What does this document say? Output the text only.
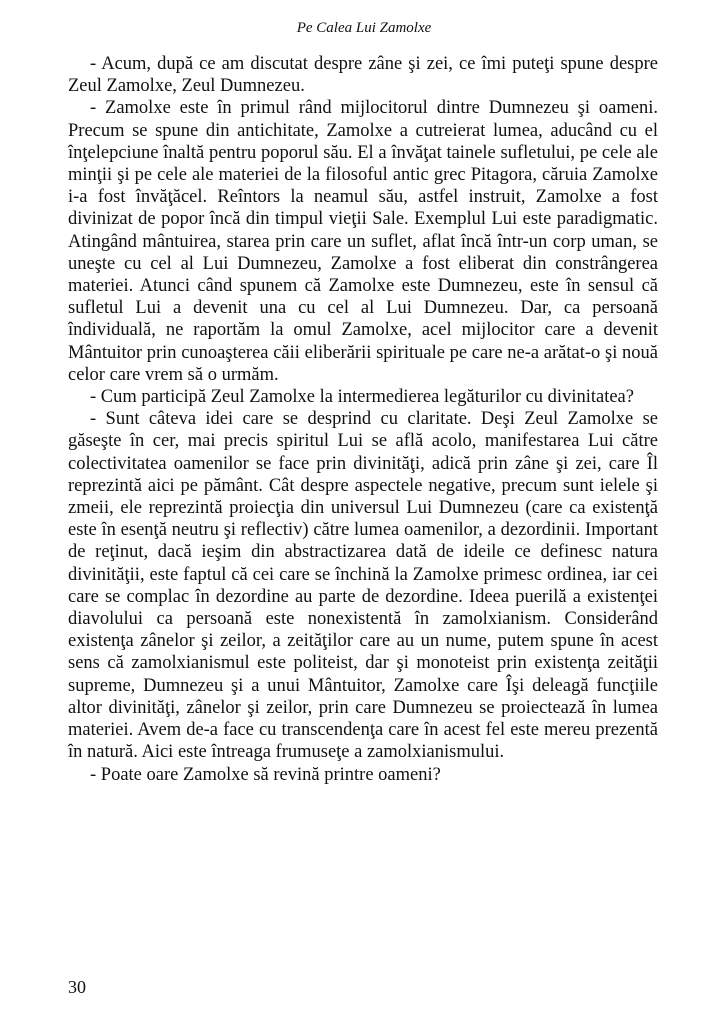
Pe Calea Lui Zamolxe

- Acum, după ce am discutat despre zâne şi zei, ce îmi puteţi spune despre Zeul Zamolxe, Zeul Dumnezeu.

- Zamolxe este în primul rând mijlocitorul dintre Dumnezeu şi oameni. Precum se spune din antichitate, Zamolxe a cutreierat lumea, aducând cu el înţelepciune înaltă pentru poporul său. El a învăţat tainele sufletului, pe cele ale minţii şi pe cele ale materiei de la filosoful antic grec Pitagora, căruia Zamolxe i-a fost învăţăcel. Reîntors la neamul său, astfel instruit, Zamolxe a fost divinizat de popor încă din timpul vieţii Sale. Exemplul Lui este paradigmatic. Atingând mântuirea, starea prin care un suflet, aflat încă într-un corp uman, se uneşte cu cel al Lui Dumnezeu, Zamolxe a fost eliberat din constrângerea materiei. Atunci când spunem că Zamolxe este Dumnezeu, este în sensul că sufletul Lui a devenit una cu cel al Lui Dumnezeu. Dar, ca persoană îndividuală, ne raportăm la omul Zamolxe, acel mijlocitor care a devenit Mântuitor prin cunoaşterea căii eliberării spirituale pe care ne-a arătat-o şi nouă celor care vrem să o urmăm.

- Cum participă Zeul Zamolxe la intermedierea legăturilor cu divinitatea?

- Sunt câteva idei care se desprind cu claritate. Deşi Zeul Zamolxe se găseşte în cer, mai precis spiritul Lui se află acolo, manifestarea Lui către colectivitatea oamenilor se face prin divinităţi, adică prin zâne şi zei, care Îl reprezintă aici pe pământ. Cât despre aspectele negative, precum sunt ielele şi zmeii, ele reprezintă proiecţia din universul Lui Dumnezeu (care ca existenţă este în esenţă neutru şi reflectiv) către lumea oamenilor, a dezordinii. Important de reţinut, dacă ieşim din abstractizarea dată de ideile ce definesc natura divinităţii, este faptul că cei care se închină la Zamolxe primesc ordinea, iar cei care se complac în dezordine au parte de dezordine. Ideea puerilă a existenţei diavolului ca persoană este nonexistentă în zamolxianism. Considerând existenţa zânelor şi zeilor, a zeităţilor care au un nume, putem spune în acest sens că zamolxianismul este politeist, dar şi monoteist prin existenţa zeităţii supreme, Dumnezeu şi a unui Mântuitor, Zamolxe care Îşi deleagă funcţiile altor divinităţi, zânelor şi zeilor, prin care Dumnezeu se proiectează în lumea materiei. Avem de-a face cu transcendenţa care în acest fel este mereu prezentă în natură. Aici este întreaga frumuseţe a zamolxianismului.

- Poate oare Zamolxe să revină printre oameni?

30
